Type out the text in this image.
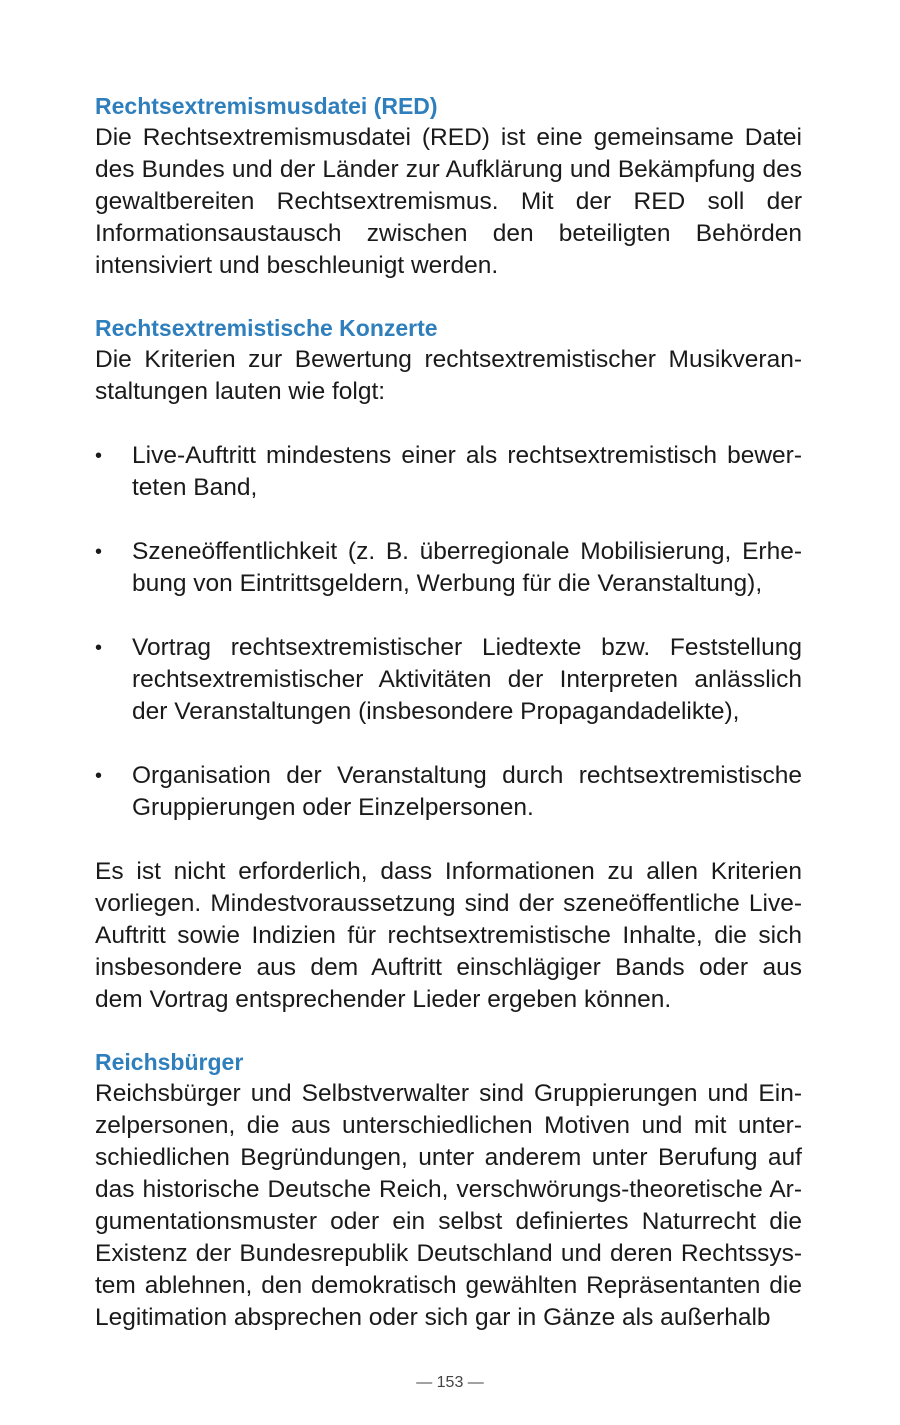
Rechtsextremismusdatei (RED)

Die Rechtsextremismusdatei (RED) ist eine gemeinsame Datei des Bundes und der Länder zur Aufklärung und Bekämpfung des gewaltbereiten Rechtsextremismus. Mit der RED soll der Informationsaustausch zwischen den beteiligten Behörden intensiviert und beschleunigt werden.

Rechtsextremistische Konzerte

Die Kriterien zur Bewertung rechtsextremistischer Musikveranstaltungen lauten wie folgt:

• Live-Auftritt mindestens einer als rechtsextremistisch bewerteten Band,

• Szeneöffentlichkeit (z. B. überregionale Mobilisierung, Erhebung von Eintrittsgeldern, Werbung für die Veranstaltung),

• Vortrag rechtsextremistischer Liedtexte bzw. Feststellung rechtsextremistischer Aktivitäten der Interpreten anlässlich der Veranstaltungen (insbesondere Propagandadelikte),

• Organisation der Veranstaltung durch rechtsextremistische Gruppierungen oder Einzelpersonen.

Es ist nicht erforderlich, dass Informationen zu allen Kriterien vorliegen. Mindestvoraussetzung sind der szeneöffentliche Live-Auftritt sowie Indizien für rechtsextremistische Inhalte, die sich insbesondere aus dem Auftritt einschlägiger Bands oder aus dem Vortrag entsprechender Lieder ergeben können.

Reichsbürger

Reichsbürger und Selbstverwalter sind Gruppierungen und Einzelpersonen, die aus unterschiedlichen Motiven und mit unterschiedlichen Begründungen, unter anderem unter Berufung auf das historische Deutsche Reich, verschwörungs-theoretische Argumentationsmuster oder ein selbst definiertes Naturrecht die Existenz der Bundesrepublik Deutschland und deren Rechtssystem ablehnen, den demokratisch gewählten Repräsentanten die Legitimation absprechen oder sich gar in Gänze als außerhalb

— 153 —
